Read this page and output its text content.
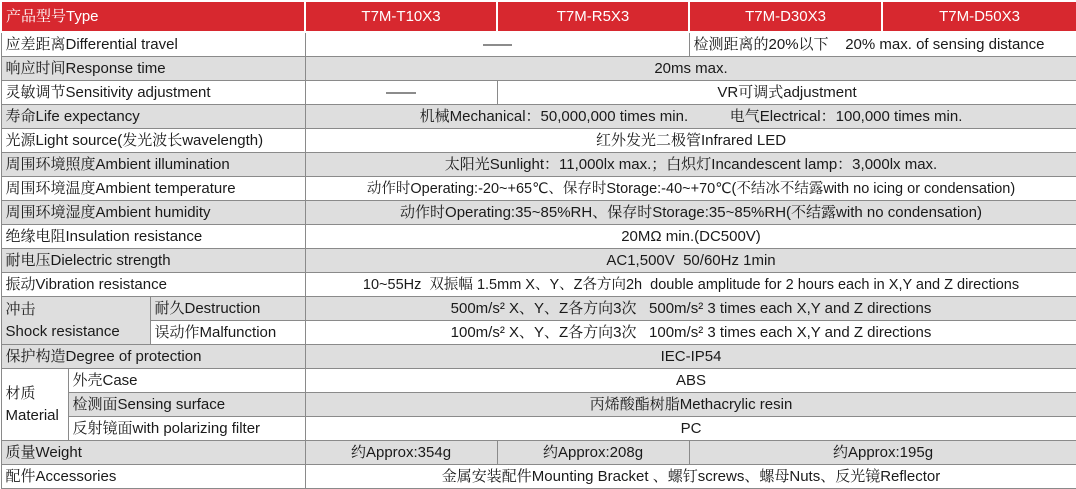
产品型号Type			T7M-T10X3	T7M-R5X3	T7M-D30X3	T7M-D50X3
应差距离Differential travel			——		检测距离的20%以下 20% max. of sensing distance	
响应时间Response time			20ms max.			
灵敏调节Sensitivity adjustment			——	VR可调式adjustment		
寿命Life expectancy			机械Mechanical：50,000,000 times min.          电气Electrical：100,000 times min.			
光源Light source(发光波长wavelength)			红外发光二极管Infrared LED			
周围环境照度Ambient illumination			太阳光Sunlight：11,000lx max.；白炽灯Incandescent lamp：3,000lx max.			
周围环境温度Ambient temperature			动作时Operating:-20~+65℃、保存时Storage:-40~+70℃(不结冰不结露with no icing or condensation)			
周围环境湿度Ambient humidity			动作时Operating:35~85%RH、保存时Storage:35~85%RH(不结露with no condensation)			
绝缘电阻Insulation resistance			20MΩ min.(DC500V)			
耐电压Dielectric strength			AC1,500V  50/60Hz 1min			
振动Vibration resistance			10~55Hz  双振幅 1.5mm X、Y、Z各方向2h  double amplitude for 2 hours each in X,Y and Z directions			

冲击
Shock resistance		耐久Destruction	500m/s² X、Y、Z各方向3次   500m/s² 3 times each X,Y and Z directions			
		误动作Malfunction	100m/s² X、Y、Z各方向3次   100m/s² 3 times each X,Y and Z directions			
保护构造Degree of protection			IEC-IP54			

材质
Material	外壳Case		ABS			
	检测面Sensing surface		丙烯酸酯树脂Methacrylic resin			
	反射镜面with polarizing filter		PC			
质量Weight			约Approx:354g	约Approx:208g	约Approx:195g	
配件Accessories			金属安装配件Mounting Bracket 、螺钉screws、螺母Nuts、反光镜Reflector			
